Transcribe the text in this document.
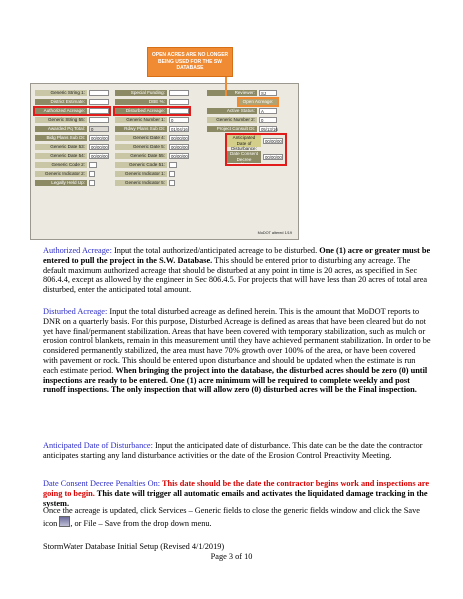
OPEN ACRES ARE NO LONGER BEING USED FOR THE SW DATABASE
Generic String 1:
District Estimate:
Authorized Acreage:
Generic String 55:
Awarded Pq Total:	0
Bidg Plans Sub Dt:	00/00/00
Generic Date 53:	00/00/00
Generic Date 54:	00/00/00
Generic Code 2:
Generic Indicator 2:
Legally Held Up:
Special Funding:
DBE %:
Disturbed Acreage:
Generic Number 1:	0
Rdwy Plans Sub Dt:	01/04/16
Generic Date 4:	00/00/00
Generic Date 5:	00/00/00
Generic Date 55:	00/00/00
Generic Code 51:
Generic Indicator 1:
Generic Indicator 5:
Reviewer:	SJ
Open Acreage:
Active Status:	A
Generic Number 2:	0
Project Consult Dt:	05/13/16
Anticipated Date of Disturbance:
00/00/00
Date Consent Decree Penalties On:
00/00/00
MoDOT altered 1/19

Authorized Acreage: Input the total authorized/anticipated acreage to be disturbed. One (1) acre or greater must be entered to pull the project in the S.W. Database. This should be entered prior to disturbing any acreage. The default maximum authorized acreage that should be disturbed at any point in time is 20 acres, as specified in Sec 806.4.4, except as allowed by the engineer in Sec 806.4.5. For projects that will have less than 20 acres of total area disturbed, enter the anticipated total amount.

Disturbed Acreage: Input the total disturbed acreage as defined herein. This is the amount that MoDOT reports to DNR on a quarterly basis. For this purpose, Disturbed Acreage is defined as areas that have been cleared but do not yet have final/permanent stabilization. Areas that have been covered with temporary stabilization, such as mulch or erosion control blankets, remain in this measurement until they have achieved permanent stabilization. In order to be considered permanently stabilized, the area must have 70% growth over 100% of the area, or have been covered with pavement or rock. This should be entered upon disturbance and should be updated when the estimate is run each estimate period. When bringing the project into the database, the disturbed acres should be zero (0) until inspections are ready to be entered. One (1) acre minimum will be required to complete weekly and post runoff inspections. The only inspection that will allow zero (0) disturbed acres will be the Final inspection.

Anticipated Date of Disturbance: Input the anticipated date of disturbance. This date can be the date the contractor anticipates starting any land disturbance activities or the date of the Erosion Control Preactivity Meeting.

Date Consent Decree Penalties On: This date should be the date the contractor begins work and inspections are going to begin. This date will trigger all automatic emails and activates the liquidated damage tracking in the system.

Once the acreage is updated, click Services – Generic fields to close the generic fields window and click the Save icon , or File – Save from the drop down menu.

StormWater Database Initial Setup (Revised 4/1/2019)
Page 3 of 10
